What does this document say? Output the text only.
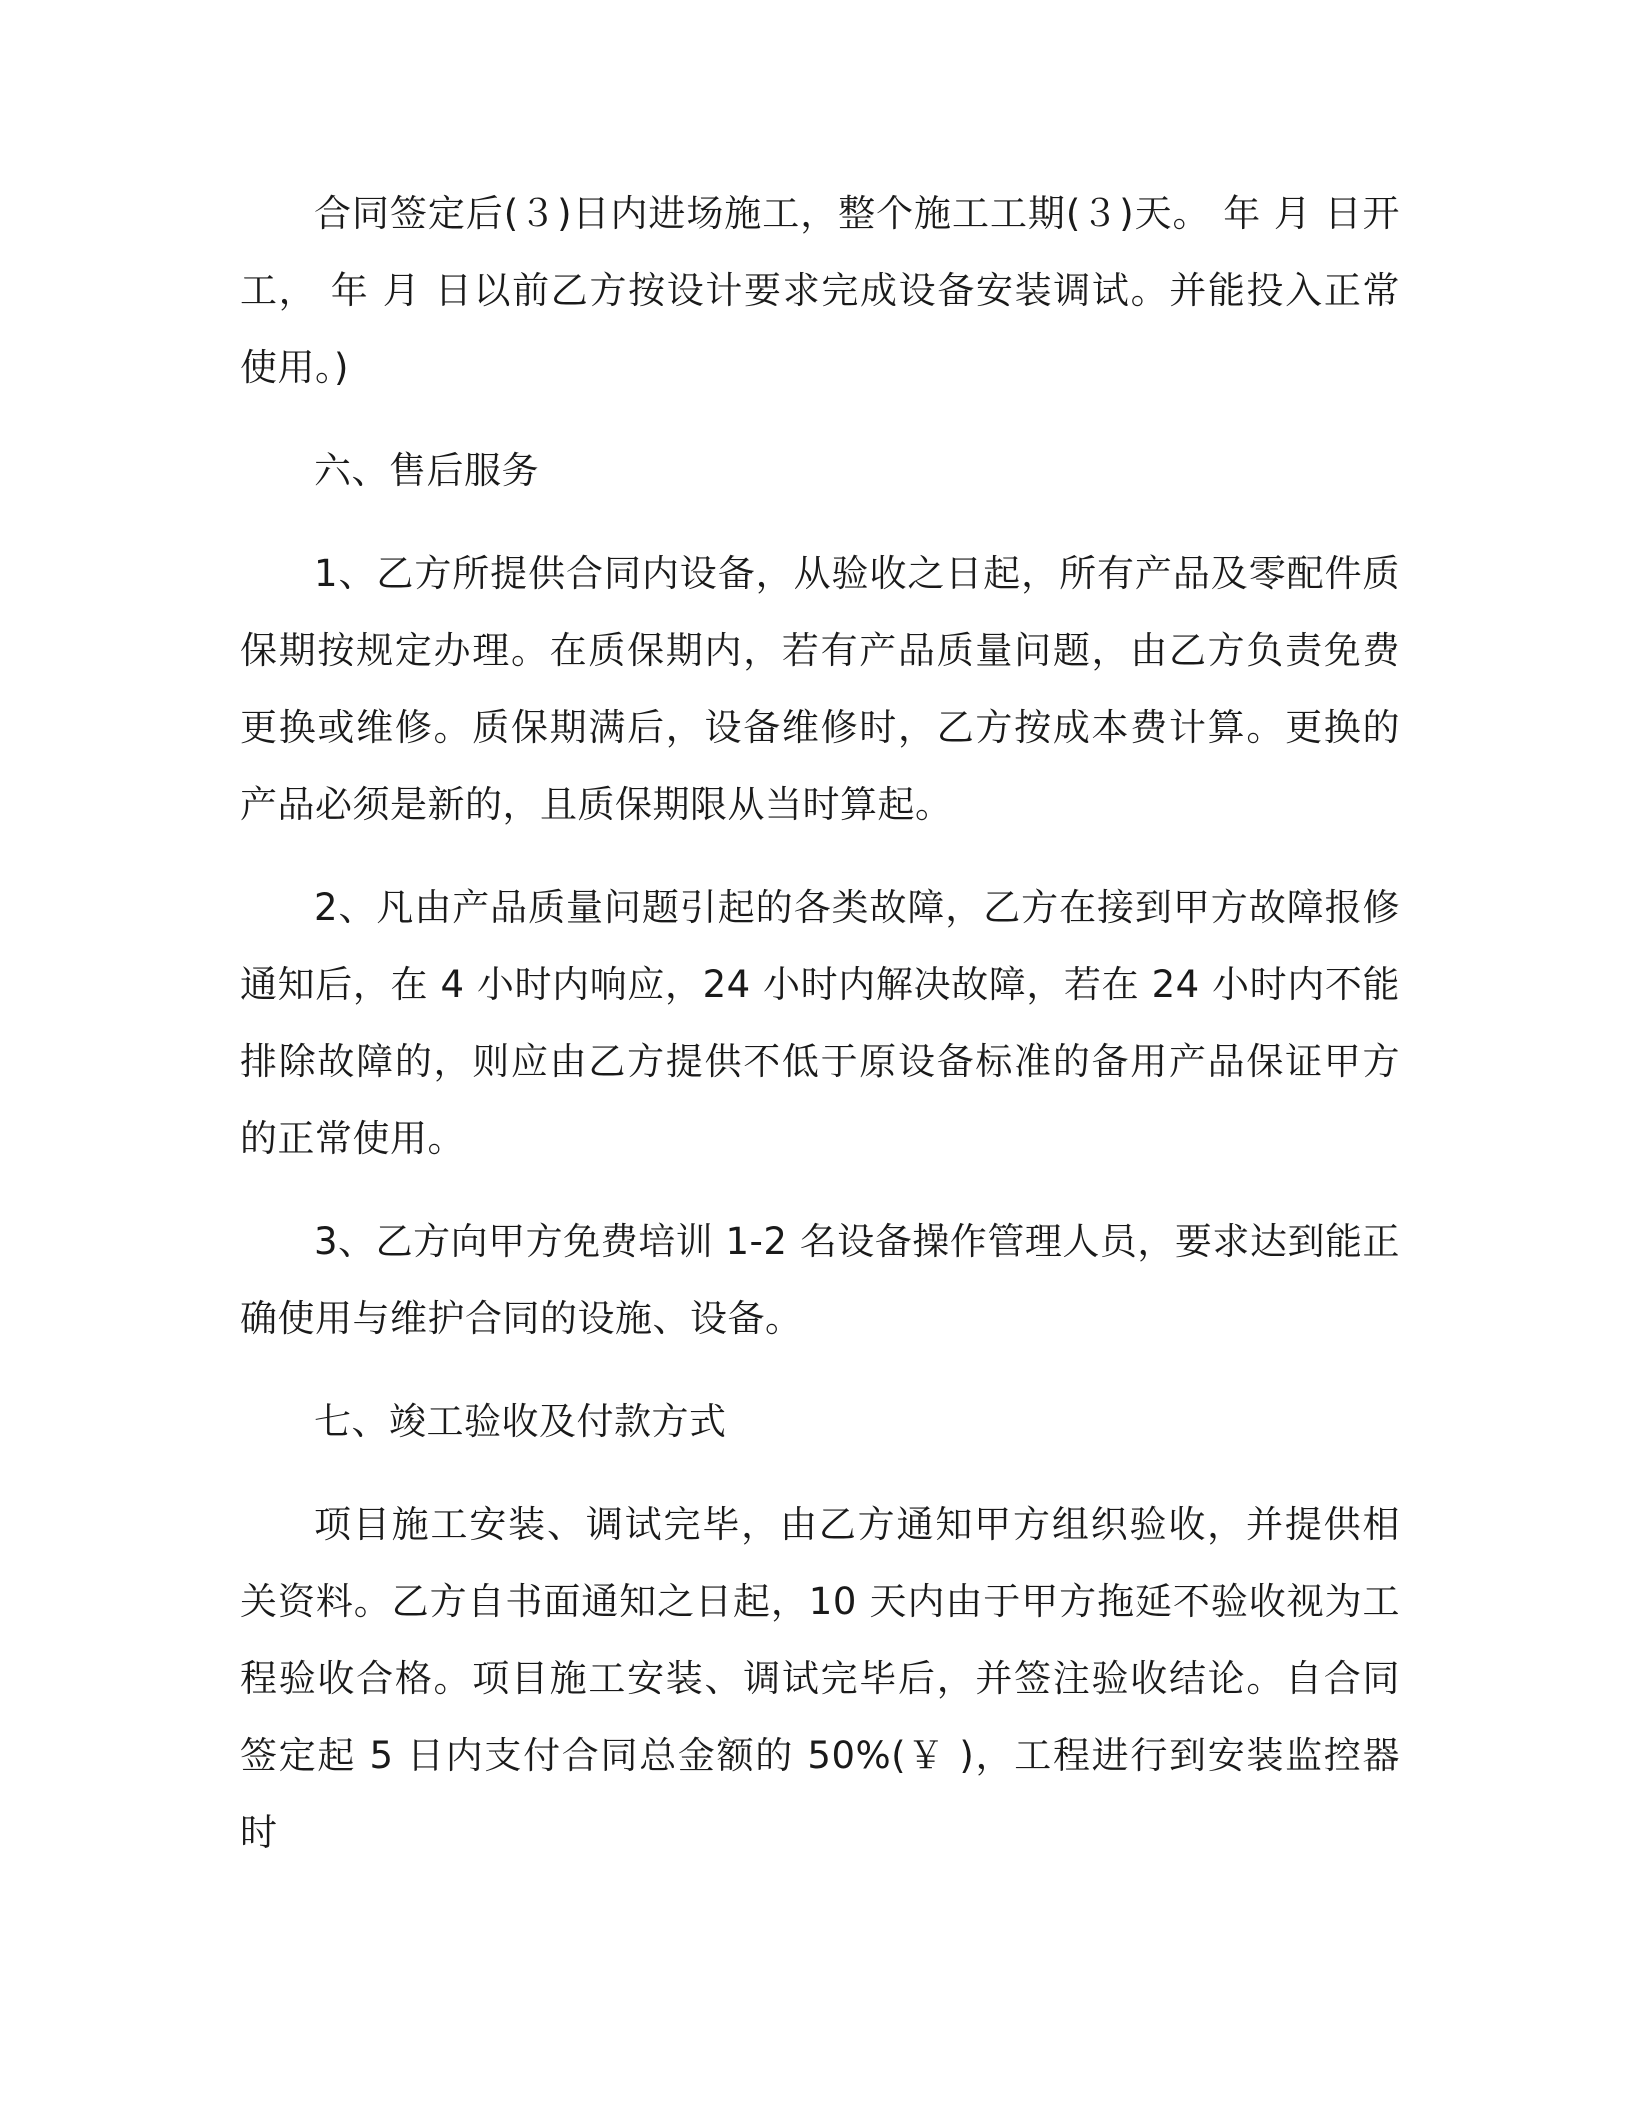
合同签定后(３)日内进场施工，整个施工工期(３)天。 年 月 日开工， 年 月 日以前乙方按设计要求完成设备安装调试。并能投入正常使用。)

六、售后服务

1、乙方所提供合同内设备，从验收之日起，所有产品及零配件质保期按规定办理。在质保期内，若有产品质量问题，由乙方负责免费更换或维修。质保期满后，设备维修时，乙方按成本费计算。更换的产品必须是新的，且质保期限从当时算起。

2、凡由产品质量问题引起的各类故障，乙方在接到甲方故障报修通知后，在 4 小时内响应，24 小时内解决故障，若在 24 小时内不能排除故障的，则应由乙方提供不低于原设备标准的备用产品保证甲方的正常使用。

3、乙方向甲方免费培训 1-2 名设备操作管理人员，要求达到能正确使用与维护合同的设施、设备。

七、竣工验收及付款方式

项目施工安装、调试完毕，由乙方通知甲方组织验收，并提供相关资料。乙方自书面通知之日起，10 天内由于甲方拖延不验收视为工程验收合格。项目施工安装、调试完毕后，并签注验收结论。自合同签定起 5 日内支付合同总金额的 50%(￥ )，工程进行到安装监控器时
